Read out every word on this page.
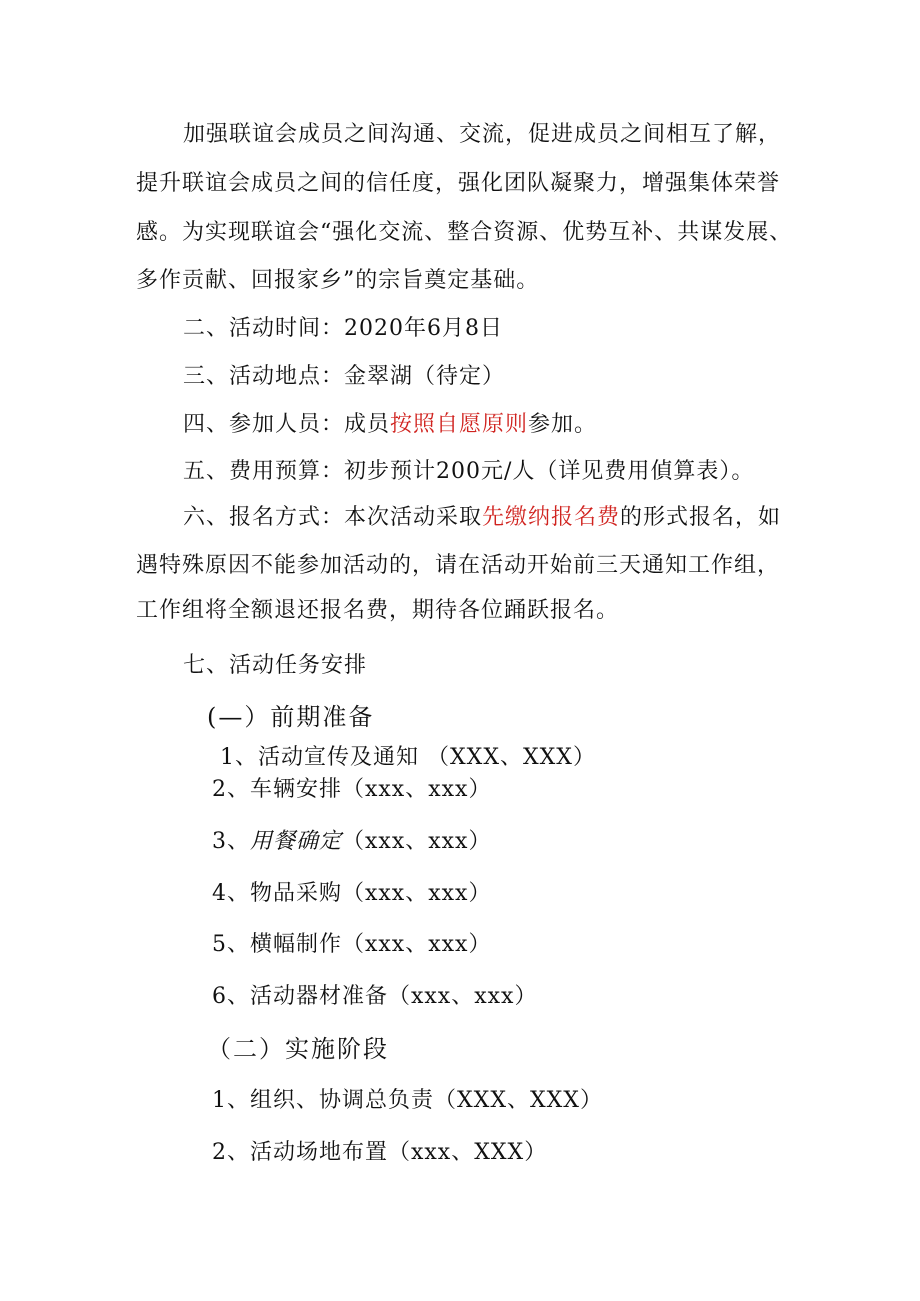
加强联谊会成员之间沟通、交流，促进成员之间相互了解，

提升联谊会成员之间的信任度，强化团队凝聚力，增强集体荣誉

感。为实现联谊会“强化交流、整合资源、优势互补、共谋发展、

多作贡献、回报家乡”的宗旨奠定基础。

二、活动时间：2020年6月8日

三、活动地点：金翠湖（待定）

四、参加人员：成员按照自愿原则参加。

五、费用预算：初步预计200元/人（详见费用偵算表）。

六、报名方式：本次活动采取先缴纳报名费的形式报名，如

遇特殊原因不能参加活动的，请在活动开始前三天通知工作组，

工作组将全额退还报名费，期待各位踊跃报名。

七、活动任务安排

(—）前期准备

1、活动宣传及通知 （XXX、XXX）

2、车辆安排（xxx、xxx）

3、用餐确定（xxx、xxx）

4、物品采购（xxx、xxx）

5、横幅制作（xxx、xxx）

6、活动器材准备（xxx、xxx）

（二）实施阶段

1、组织、协调总负责（XXX、XXX）

2、活动场地布置（xxx、XXX）
